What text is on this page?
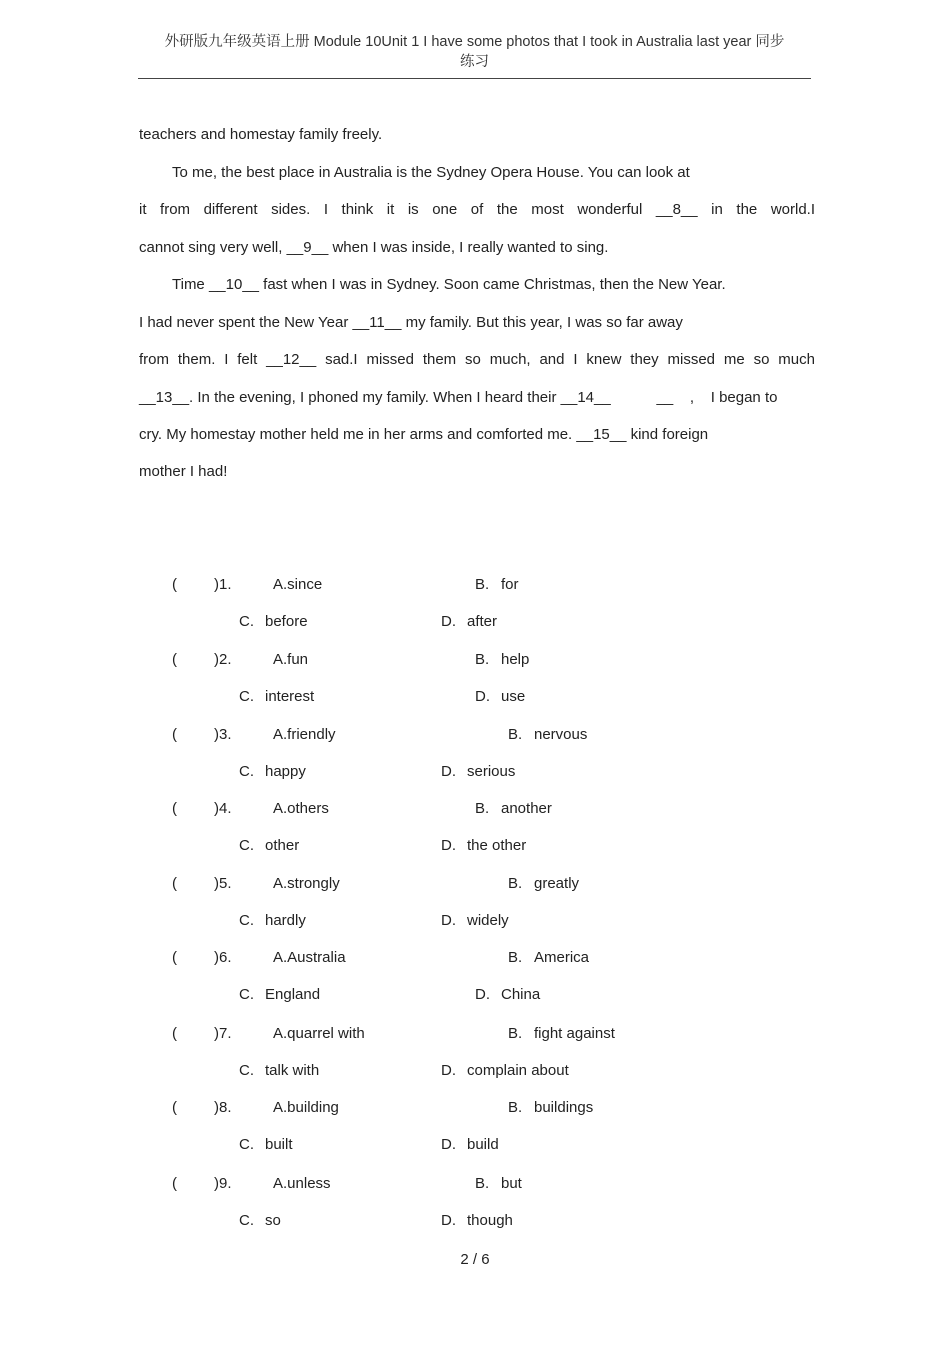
外研版九年级英语上册 Module 10Unit 1 I have some photos that I took in Australia last year 同步
练习
teachers and homestay family freely.
To me, the best place in Australia is the Sydney Opera House. You can look at
it from different sides. I think it is one of the most wonderful __8__ in the world.I
cannot sing very well, __9__ when I was inside, I really wanted to sing.
Time __10__ fast when I was in Sydney. Soon came Christmas, then the New Year.
I had never spent the New Year __11__ my family. But this year, I was so far away
from them. I felt __12__ sad.I missed them so much, and I knew they missed me so much
__13__. In the evening, I phoned my family. When I heard their __14__           __    ,    I began to
cry. My homestay mother held me in her arms and comforted me. __15__ kind foreign
mother I had!
( )1.	A.since	B. for
C. before	D. after
( )2.	A.fun	B. help
C. interest	D. use
( )3.	A.friendly	B. nervous
C. happy	D. serious
( )4.	A.others	B. another
C. other	D. the other
( )5.	A.strongly	B. greatly
C. hardly	D. widely
( )6.	A.Australia	B. America
C. England	D. China
( )7.	A.quarrel with	B. fight against
C. talk with	D. complain about
( )8.	A.building	B. buildings
C. built	D. build
( )9.	A.unless	B. but
C. so	D. though
2 / 6
